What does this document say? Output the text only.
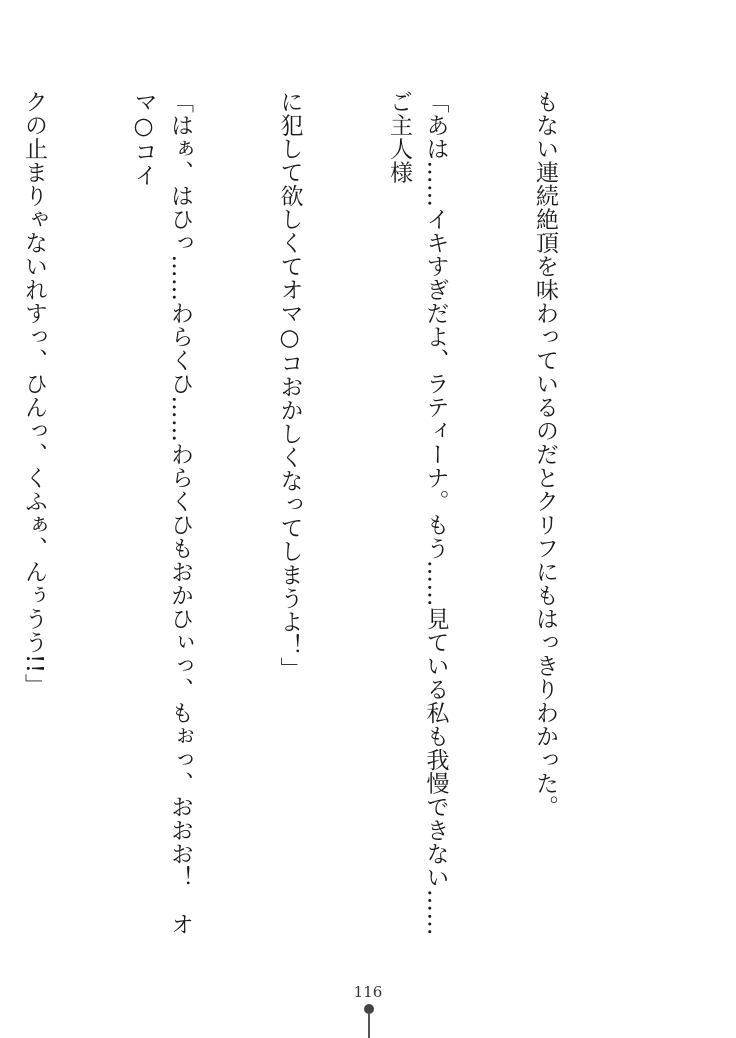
もない連続絶頂を味わっているのだとクリフにもはっきりわかった。

「あは……イキすぎだよ、ラティーナ。もう……見ている私も我慢できない……ご主人様

に犯して欲しくてオマ○コおかしくなってしまうよ！」

「はぁ、はひっ……わらくひ……わらくひもおかひぃっ、もぉっ、おおお！　オマ○コイ

クの止まりゃないれすっ、ひんっ、くふぁ、んぅうう!!」

116
